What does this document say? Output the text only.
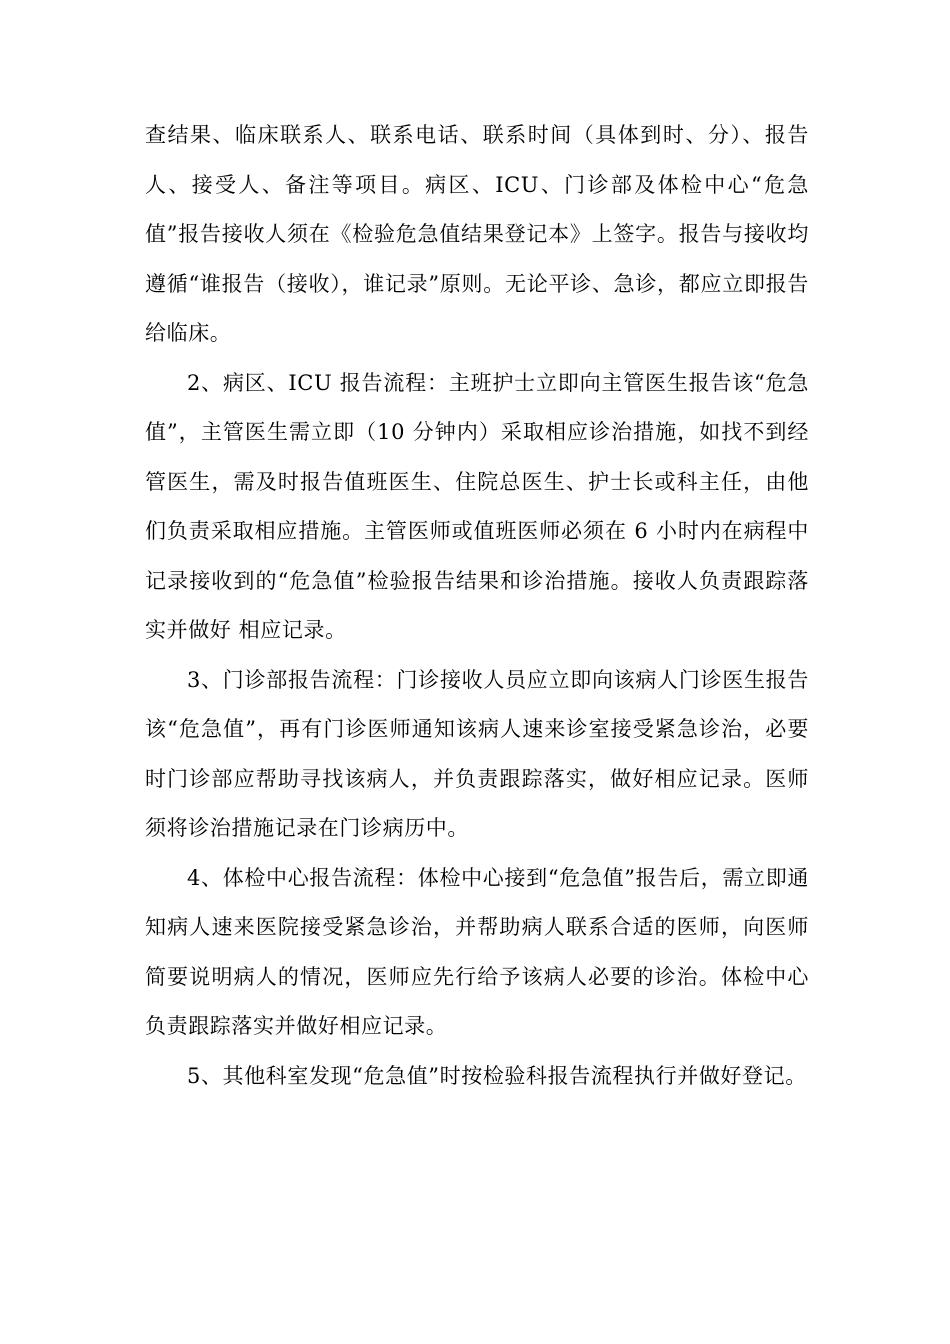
查结果、临床联系人、联系电话、联系时间（具体到时、分）、报告人、接受人、备注等项目。病区、ICU、门诊部及体检中心“危急值”报告接收人须在《检验危急值结果登记本》上签字。报告与接收均遵循“谁报告（接收），谁记录”原则。无论平诊、急诊，都应立即报告给临床。

2、病区、ICU 报告流程：主班护士立即向主管医生报告该“危急值”，主管医生需立即（10 分钟内）采取相应诊治措施，如找不到经管医生，需及时报告值班医生、住院总医生、护士长或科主任，由他们负责采取相应措施。主管医师或值班医师必须在 6 小时内在病程中记录接收到的“危急值”检验报告结果和诊治措施。接收人负责跟踪落实并做好 相应记录。

3、门诊部报告流程：门诊接收人员应立即向该病人门诊医生报告该“危急值”，再有门诊医师通知该病人速来诊室接受紧急诊治，必要时门诊部应帮助寻找该病人，并负责跟踪落实，做好相应记录。医师须将诊治措施记录在门诊病历中。

4、体检中心报告流程：体检中心接到“危急值”报告后，需立即通知病人速来医院接受紧急诊治，并帮助病人联系合适的医师，向医师简要说明病人的情况，医师应先行给予该病人必要的诊治。体检中心负责跟踪落实并做好相应记录。

5、其他科室发现“危急值”时按检验科报告流程执行并做好登记。
